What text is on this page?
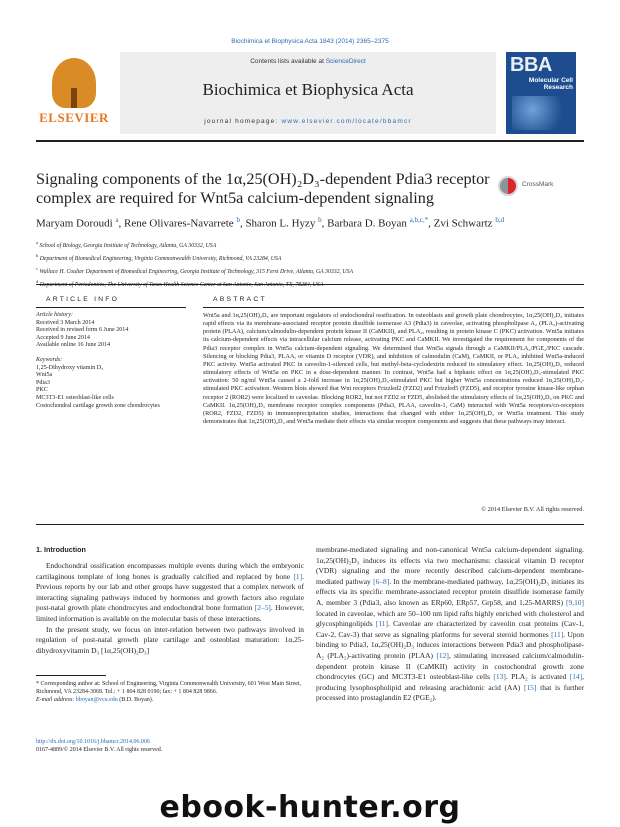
Biochimica et Biophysica Acta 1843 (2014) 2365–2375
ELSEVIER
Contents lists available at ScienceDirect
Biochimica et Biophysica Acta
journal homepage: www.elsevier.com/locate/bbamcr
BBA
Molecular Cell Research
Signaling components of the 1α,25(OH)₂D₃-dependent Pdia3 receptor complex are required for Wnt5a calcium-dependent signaling
CrossMark
Maryam Doroudi $^a$, Rene Olivares-Navarrete $^b$, Sharon L. Hyzy $^b$, Barbara D. Boyan $^{a,b,c,*}$, Zvi Schwartz $^{b,d}$
$^a$ School of Biology, Georgia Institute of Technology, Atlanta, GA 30332, USA
$^b$ Department of Biomedical Engineering, Virginia Commonwealth University, Richmond, VA 23284, USA
$^c$ Wallace H. Coulter Department of Biomedical Engineering, Georgia Institute of Technology, 315 Ferst Drive, Atlanta, GA 30332, USA
$^d$
ARTICLE INFO	ABSTRACT
Article history:
Received 3 March 2014
Received in revised form 6 June 2014
Accepted 9 June 2014
Available online 16 June 2014
Keywords:
1,25-Dihydroxy vitamin D₃
Wnt5a
Pdia3
PKC
MC3T3-E1 osteoblast-like cells
Costochondral cartilage growth zone chondrocytes
Wnt5a and 1α,25(OH)₂D₃ are important regulators of endochondral ossification. In osteoblasts and growth plate chondrocytes, 1α,25(OH)₂D₃ initiates rapid effects via its membrane-associated receptor protein disulfide isomerase A3 (Pdia3) in caveolae, activating phospholipase A₂ (PLA₂)-activating protein (PLAA), calcium/calmodulin-dependent protein kinase II (CaMKII), and PLA₂, resulting in protein kinase C (PKC) activation. Wnt5a initiates its calcium-dependent effects via intracellular calcium release, activating PKC and CaMKII. We investigated the requirement for components of the Pdia3 receptor complex in Wnt5a calcium-dependent signaling. We determined that Wnt5a signals through a CaMKII/PLA₂/PGE₂/PKC cascade. Silencing or blocking Pdia3, PLAA, or vitamin D receptor (VDR), and inhibition of calmodulin (CaM), CaMKII, or PLA₂ inhibited Wnt5a-induced PKC activity. Wnt5a activated PKC in caveolin-1-silenced cells, but methyl-beta-cyclodextrin reduced its stimulatory effect. 1α,25(OH)₂D₃ reduced stimulatory effects of Wnt5a on PKC in a dose-dependent manner. In contrast, Wnt5a had a biphasic effect on 1α,25(OH)₂D₃-stimulated PKC activation: 50 ng/ml Wnt5a caused a 2-fold increase in 1α,25(OH)₂D₃-stimulated PKC but higher Wnt5a concentrations reduced 1α,25(OH)₂D₃-stimulated PKC activation. Western blots showed that Wnt receptors Frizzled2 (FZD2) and Frizzled5 (FZD5), and receptor tyrosine kinase-like orphan receptor 2 (ROR2) were localized to caveolae. Blocking ROR2, but not FZD2 or FZD5, abolished the stimulatory effects of 1α,25(OH)₂D₃ on PKC and CaMKII. 1α,25(OH)₂D₃ membrane receptor complex components (Pdia3, PLAA, caveolin-1, CaM) interacted with Wnt5a receptors/co-receptors (ROR2, FZD2, FZD5) in immunoprecipitation studies, interactions that changed with either 1α,25(OH)₂D₃ or Wnt5a treatment. This study demonstrates that 1α,25(OH)₂D₃ and Wnt5a mediate their effects via similar receptor components and suggests that these pathways may interact.
© 2014 Elsevier B.V. All rights reserved.
1. Introduction

Endochondral ossification encompasses multiple events during which the embryonic cartilaginous template of long bones is gradually calcified and replaced by bone [1]. Previous reports by our lab and other groups have suggested that a complex network of interacting signaling pathways induced by hormones and growth factors also regulate post-natal growth plate chondrocytes and endochondral bone formation [2–5]. However, limited information is available on the molecular basis of these interactions.

In the present study, we focus on inter-relation between two pathways involved in regulation of post-natal growth plate cartilage and osteoblast maturation: 1α,25-dihydroxyvitamin D₃ [1α,25(OH)₂D₃]

membrane-mediated signaling and non-canonical Wnt5a calcium-dependent signaling. 1α,25(OH)₂D₃ induces its effects via two mechanisms: classical vitamin D receptor (VDR) signaling and the more recently described calcium-dependent membrane-mediated pathway [6–8]. In the membrane-mediated pathway, 1α,25(OH)₂D₃ initiates its effects via its specific membrane-associated receptor protein disulfide isomerase family A, member 3 (Pdia3, also known as ERp60, ERp57, Grp58, and 1,25-MARRS) [9,10] located in caveolae, which are 50–100 nm lipid rafts highly enriched with cholesterol and glycosphingolipids [11]. Caveolae are characterized by caveolin coat proteins (Cav-1, Cav-2, Cav-3) that serve as signaling platforms for several steroid hormones [11]. Upon binding to Pdia3, 1α,25(OH)₂D₃ induces interactions between Pdia3 and phospholipase-A₂ (PLA₂)-activating protein (PLAA) [12], stimulating increased calcium/calmodulin-dependent protein kinase II (CaMKII) activity in costochondral growth zone chondrocytes (GC) and MC3T3-E1 osteoblast-like cells [13]. PLA₂ is activated [14], producing lysophospholipid and releasing arachidonic acid (AA) [15] that is further processed into prostaglandin E2 (PGE₂).
* Corresponding author at: School of Engineering, Virginia Commonwealth University, 601 West Main Street, Richmond, VA 23284-3068. Tel.: + 1 804 828 0190; fax: + 1 804 828 9866.
E-mail address: bboyan@vcu.edu (B.D. Boyan).
http://dx.doi.org/10.1016/j.bbamcr.2014.06.006
0167-4889/© 2014 Elsevier B.V. All rights reserved.
ebook-hunter.org
